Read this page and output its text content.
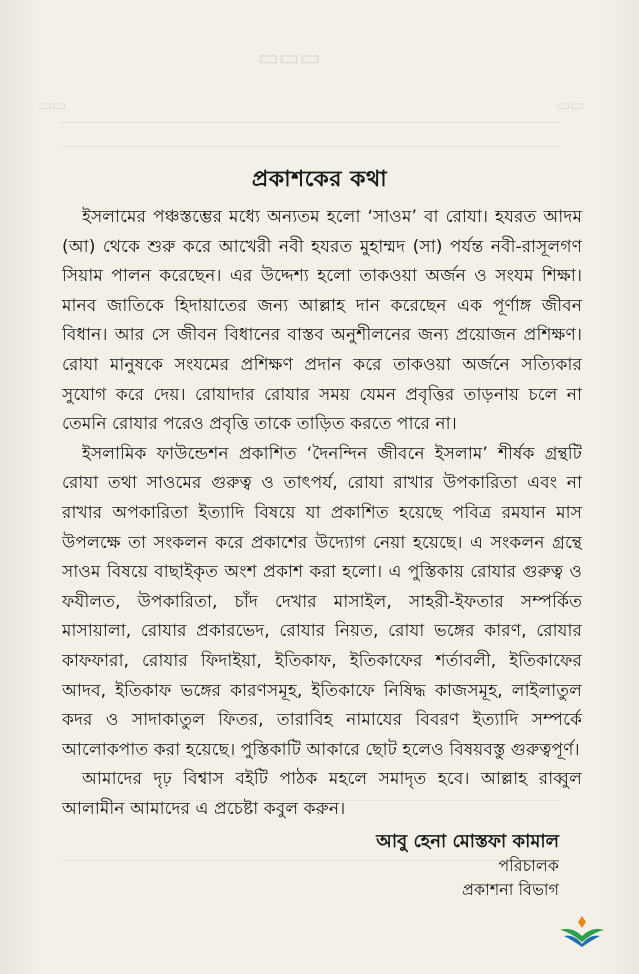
▭▭▭
▭▭	▭▭
প্রকাশকের কথা

ইসলামের পঞ্চস্তম্ভের মধ্যে অন্যতম হলো ‘সাওম’ বা রোযা। হযরত আদম (আ) থেকে শুরু করে আখেরী নবী হযরত মুহাম্মদ (সা) পর্যন্ত নবী-রাসূলগণ সিয়াম পালন করেছেন। এর উদ্দেশ্য হলো তাকওয়া অর্জন ও সংযম শিক্ষা। মানব জাতিকে হিদায়াতের জন্য আল্লাহ দান করেছেন এক পূর্ণাঙ্গ জীবন বিধান। আর সে জীবন বিধানের বাস্তব অনুশীলনের জন্য প্রয়োজন প্রশিক্ষণ। রোযা মানুষকে সংযমের প্রশিক্ষণ প্রদান করে তাকওয়া অর্জনে সত্যিকার সুযোগ করে দেয়। রোযাদার রোযার সময় যেমন প্রবৃত্তির তাড়নায় চলে না তেমনি রোযার পরেও প্রবৃত্তি তাকে তাড়িত করতে পারে না।

ইসলামিক ফাউন্ডেশন প্রকাশিত ‘দৈনন্দিন জীবনে ইসলাম’ শীর্ষক গ্রন্থটি রোযা তথা সাওমের গুরুত্ব ও তাৎপর্য, রোযা রাখার উপকারিতা এবং না রাখার অপকারিতা ইত্যাদি বিষয়ে যা প্রকাশিত হয়েছে পবিত্র রমযান মাস উপলক্ষে তা সংকলন করে প্রকাশের উদ্যোগ নেয়া হয়েছে। এ সংকলন গ্রন্থে সাওম বিষয়ে বাছাইকৃত অংশ প্রকাশ করা হলো। এ পুস্তিকায় রোযার গুরুত্ব ও ফযীলত, উপকারিতা, চাঁদ দেখার মাসাইল, সাহরী-ইফতার সম্পর্কিত মাসায়ালা, রোযার প্রকারভেদ, রোযার নিয়ত, রোযা ভঙ্গের কারণ, রোযার কাফফারা, রোযার ফিদাইয়া, ইতিকাফ, ইতিকাফের শর্তাবলী, ইতিকাফের আদব, ইতিকাফ ভঙ্গের কারণসমূহ, ইতিকাফে নিষিদ্ধ কাজসমূহ, লাইলাতুল কদর ও সাদাকাতুল ফিতর, তারাবিহ নামাযের বিবরণ ইত্যাদি সম্পর্কে আলোকপাত করা হয়েছে। পুস্তিকাটি আকারে ছোট হলেও বিষয়বস্তু গুরুত্বপূর্ণ।

আমাদের দৃঢ় বিশ্বাস বইটি পাঠক মহলে সমাদৃত হবে। আল্লাহ রাব্বুল আলামীন আমাদের এ প্রচেষ্টা কবুল করুন।

আবু হেনা মোস্তফা কামাল
পরিচালক
প্রকাশনা বিভাগ
